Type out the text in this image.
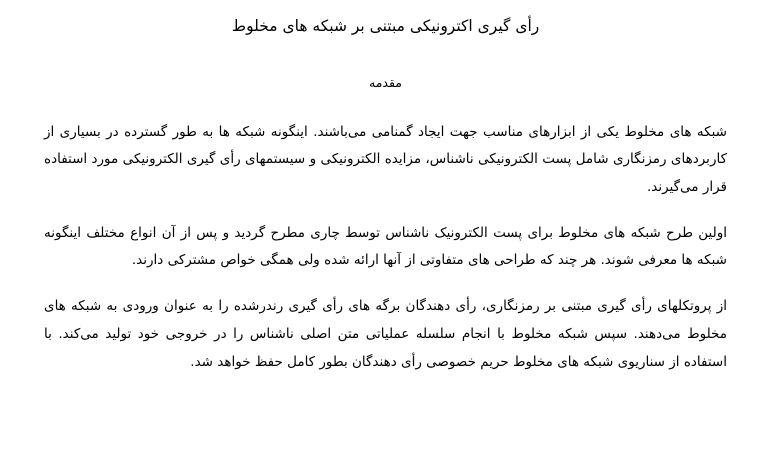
رأی گیری اکترونیکی مبتنی بر شبکه های مخلوط
مقدمه

شبکه های مخلوط یکی از ابزارهای مناسب جهت ایجاد گمنامی می‌باشند. اینگونه شبکه ها به طور گسترده در بسیاری از کاربردهای رمزنگاری شامل پست الکترونیکی ناشناس، مزایده الکترونیکی و سیستمهای رأی گیری الکترونیکی مورد استفاده قرار می‌گیرند.

اولین طرح شبکه های مخلوط برای پست الکترونیک ناشناس توسط چاری مطرح گردید و پس از آن انواع مختلف اینگونه شبکه ها معرفی شوند. هر چند که طراحی های متفاوتی از آنها ارائه شده ولی همگی خواص مشترکی دارند.

از پروتکلهای رأی گیری مبتنی بر رمزنگاری، رأی دهندگان برگه های رأی گیری رندرشده را به عنوان ورودی به شبکه های مخلوط می‌دهند. سپس شبکه مخلوط با انجام سلسله عملیاتی متن اصلی ناشناس را در خروجی خود تولید می‌کند. با استفاده از سناریوی شبکه های مخلوط حریم خصوصی رأی دهندگان بطور کامل حفظ خواهد شد.
